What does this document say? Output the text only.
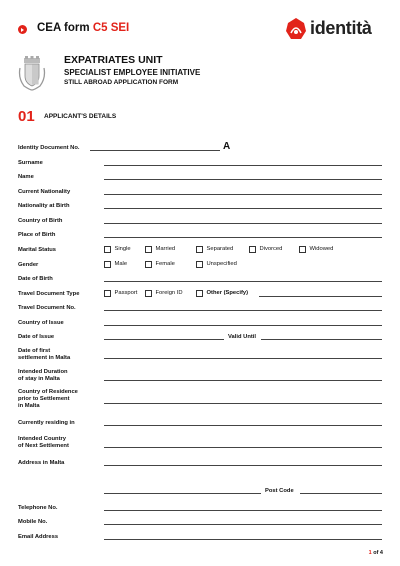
CEA form C5 SEI	identità
EXPATRIATES UNIT
SPECIALIST EMPLOYEE INITIATIVE
STILL ABROAD APPLICATION FORM
01 APPLICANT'S DETAILS
Identity Document No.	A
Surname
Name
Current Nationality
Nationality at Birth
Country of Birth
Place of Birth
Marital Status	Single	Married	Separated	Divorced	Widowed
Gender	Male	Female	Unspecified
Date of Birth
Travel Document Type	Passport	Foreign ID	Other (Specify)
Travel Document No.
Country of Issue
Date of Issue	Valid Until
Date of first
settlement in Malta
Intended Duration
of stay in Malta
Country of Residence
prior to Settlement
in Malta
Currently residing in
Intended Country
of Next Settlement
Address in Malta
Post Code
Telephone No.
Mobile No.
Email Address
1 of 4
